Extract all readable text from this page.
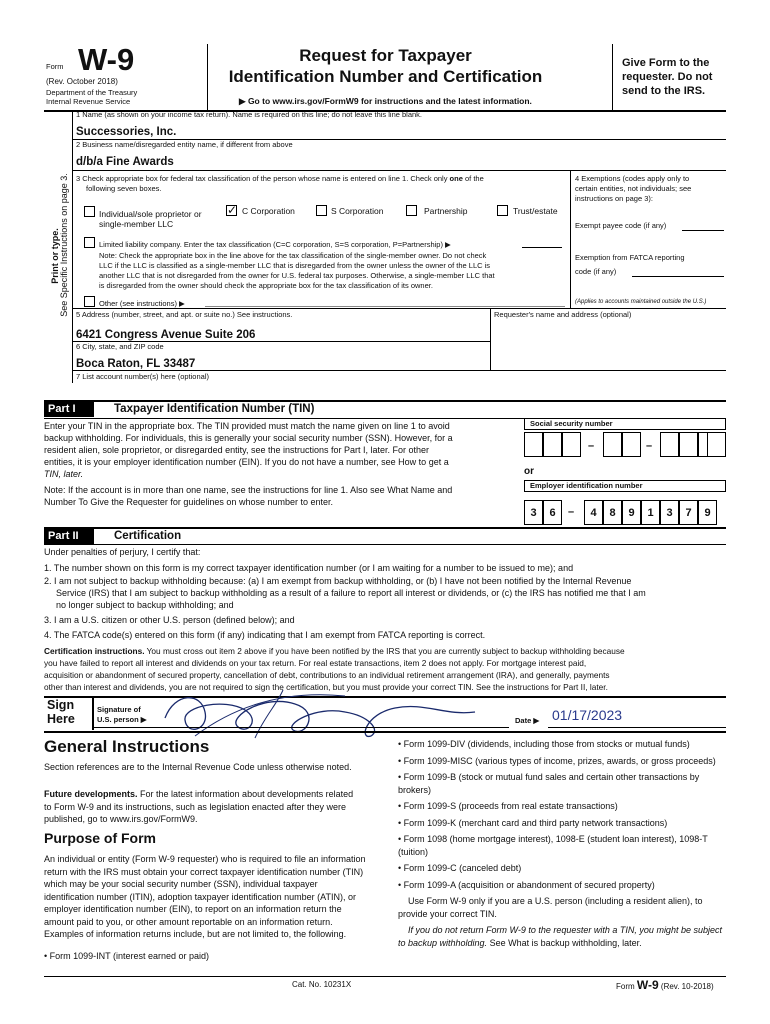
Form W-9
(Rev. October 2018)
Department of the Treasury
Internal Revenue Service
Request for Taxpayer
Identification Number and Certification
▶ Go to www.irs.gov/FormW9 for instructions and the latest information.
Give Form to the
requester. Do not
send to the IRS.
See Specific Instructions on page 3.
Print or type.
1 Name (as shown on your income tax return). Name is required on this line; do not leave this line blank.
Successories, Inc.
2 Business name/disregarded entity name, if different from above
d/b/a Fine Awards
3 Check appropriate box for federal tax classification of the person whose name is entered on line 1. Check only one of the
following seven boxes.
Individual/sole proprietor or
single-member LLC
✓ C Corporation	S Corporation	Partnership	Trust/estate
Limited liability company. Enter the tax classification (C=C corporation, S=S corporation, P=Partnership) ▶
Note: Check the appropriate box in the line above for the tax classification of the single-member owner. Do not check
LLC if the LLC is classified as a single-member LLC that is disregarded from the owner unless the owner of the LLC is
another LLC that is not disregarded from the owner for U.S. federal tax purposes. Otherwise, a single-member LLC that
is disregarded from the owner should check the appropriate box for the tax classification of its owner.
Other (see instructions) ▶
4 Exemptions (codes apply only to
certain entities, not individuals; see
instructions on page 3):
Exempt payee code (if any)
Exemption from FATCA reporting
code (if any)
(Applies to accounts maintained outside the U.S.)
5 Address (number, street, and apt. or suite no.) See instructions.
6421 Congress Avenue Suite 206
Requester's name and address (optional)
6 City, state, and ZIP code
Boca Raton, FL 33487
7 List account number(s) here (optional)
Part I	Taxpayer Identification Number (TIN)
Enter your TIN in the appropriate box. The TIN provided must match the name given on line 1 to avoid
backup withholding. For individuals, this is generally your social security number (SSN). However, for a
resident alien, sole proprietor, or disregarded entity, see the instructions for Part I, later. For other
entities, it is your employer identification number (EIN). If you do not have a number, see How to get a
TIN, later.
Note: If the account is in more than one name, see the instructions for line 1. Also see What Name and
Number To Give the Requester for guidelines on whose number to enter.
Social security number
–	–
or
Employer identification number
3	6	–	4	8	9	1	3	7	9
Part II	Certification
Under penalties of perjury, I certify that:
1. The number shown on this form is my correct taxpayer identification number (or I am waiting for a number to be issued to me); and
2. I am not subject to backup withholding because: (a) I am exempt from backup withholding, or (b) I have not been notified by the Internal Revenue
Service (IRS) that I am subject to backup withholding as a result of a failure to report all interest or dividends, or (c) the IRS has notified me that I am
no longer subject to backup withholding; and
3. I am a U.S. citizen or other U.S. person (defined below); and
4. The FATCA code(s) entered on this form (if any) indicating that I am exempt from FATCA reporting is correct.
Certification instructions. You must cross out item 2 above if you have been notified by the IRS that you are currently subject to backup withholding because
you have failed to report all interest and dividends on your tax return. For real estate transactions, item 2 does not apply. For mortgage interest paid,
acquisition or abandonment of secured property, cancellation of debt, contributions to an individual retirement arrangement (IRA), and generally, payments
other than interest and dividends, you are not required to sign the certification, but you must provide your correct TIN. See the instructions for Part II, later.
Sign
Here
Signature of
U.S. person ▶	Date ▶ 01/17/2023
General Instructions
Section references are to the Internal Revenue Code unless otherwise noted.
Future developments. For the latest information about developments related to Form W-9 and its instructions, such as legislation enacted after they were published, go to www.irs.gov/FormW9.
Purpose of Form
An individual or entity (Form W-9 requester) who is required to file an information return with the IRS must obtain your correct taxpayer identification number (TIN) which may be your social security number (SSN), individual taxpayer identification number (ITIN), adoption taxpayer identification number (ATIN), or employer identification number (EIN), to report on an information return the amount paid to you, or other amount reportable on an information return. Examples of information returns include, but are not limited to, the following.
• Form 1099-INT (interest earned or paid)
• Form 1099-DIV (dividends, including those from stocks or mutual funds)
• Form 1099-MISC (various types of income, prizes, awards, or gross proceeds)
• Form 1099-B (stock or mutual fund sales and certain other transactions by brokers)
• Form 1099-S (proceeds from real estate transactions)
• Form 1099-K (merchant card and third party network transactions)
• Form 1098 (home mortgage interest), 1098-E (student loan interest), 1098-T (tuition)
• Form 1099-C (canceled debt)
• Form 1099-A (acquisition or abandonment of secured property)
Use Form W-9 only if you are a U.S. person (including a resident alien), to provide your correct TIN.
If you do not return Form W-9 to the requester with a TIN, you might be subject to backup withholding. See What is backup withholding, later.
Cat. No. 10231X	Form W-9 (Rev. 10-2018)
